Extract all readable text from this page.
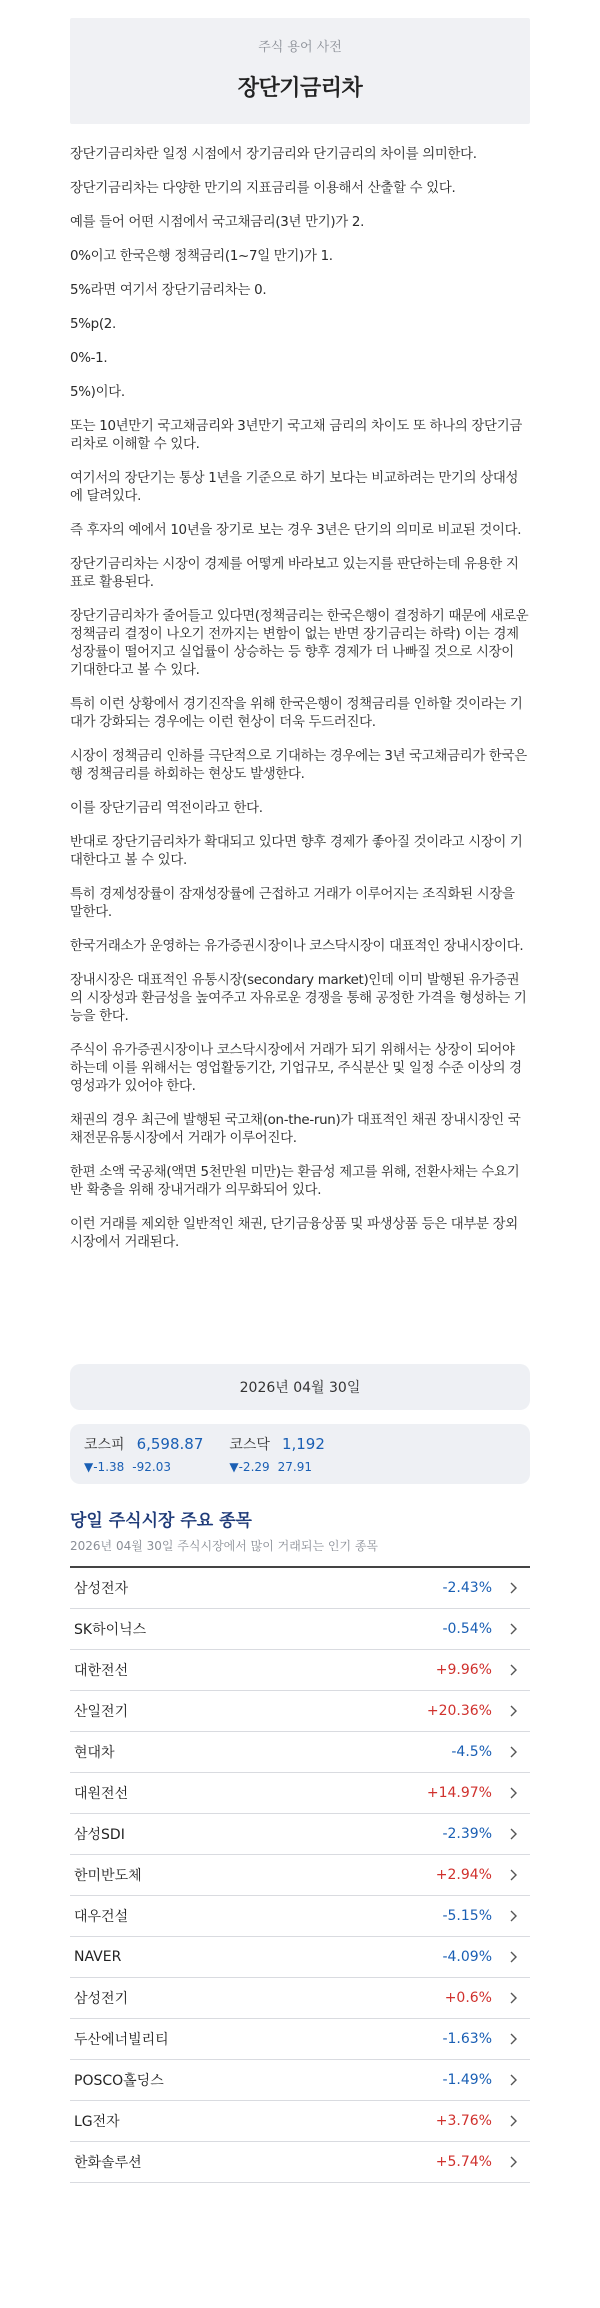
주식 용어 사전
장단기금리차

장단기금리차란 일정 시점에서 장기금리와 단기금리의 차이를 의미한다.

장단기금리차는 다양한 만기의 지표금리를 이용해서 산출할 수 있다.

예를 들어 어떤 시점에서 국고채금리(3년 만기)가 2.

0%이고 한국은행 정책금리(1~7일 만기)가 1.

5%라면 여기서 장단기금리차는 0.

5%p(2.

0%-1.

5%)이다.

또는 10년만기 국고채금리와 3년만기 국고채 금리의 차이도 또 하나의 장단기금리차로 이해할 수 있다.

여기서의 장단기는 통상 1년을 기준으로 하기 보다는 비교하려는 만기의 상대성에 달려있다.

즉 후자의 예에서 10년을 장기로 보는 경우 3년은 단기의 의미로 비교된 것이다.

장단기금리차는 시장이 경제를 어떻게 바라보고 있는지를 판단하는데 유용한 지표로 활용된다.

장단기금리차가 줄어들고 있다면(정책금리는 한국은행이 결정하기 때문에 새로운 정책금리 결정이 나오기 전까지는 변함이 없는 반면 장기금리는 하락) 이는 경제성장률이 떨어지고 실업률이 상승하는 등 향후 경제가 더 나빠질 것으로 시장이 기대한다고 볼 수 있다.

특히 이런 상황에서 경기진작을 위해 한국은행이 정책금리를 인하할 것이라는 기대가 강화되는 경우에는 이런 현상이 더욱 두드러진다.

시장이 정책금리 인하를 극단적으로 기대하는 경우에는 3년 국고채금리가 한국은행 정책금리를 하회하는 현상도 발생한다.

이를 장단기금리 역전이라고 한다.

반대로 장단기금리차가 확대되고 있다면 향후 경제가 좋아질 것이라고 시장이 기대한다고 볼 수 있다.

특히 경제성장률이 잠재성장률에 근접하고 거래가 이루어지는 조직화된 시장을 말한다.

한국거래소가 운영하는 유가증권시장이나 코스닥시장이 대표적인 장내시장이다.

장내시장은 대표적인 유통시장(secondary market)인데 이미 발행된 유가증권의 시장성과 환금성을 높여주고 자유로운 경쟁을 통해 공정한 가격을 형성하는 기능을 한다.

주식이 유가증권시장이나 코스닥시장에서 거래가 되기 위해서는 상장이 되어야 하는데 이를 위해서는 영업활동기간, 기업규모, 주식분산 및 일정 수준 이상의 경영성과가 있어야 한다.

채권의 경우 최근에 발행된 국고채(on-the-run)가 대표적인 채권 장내시장인 국채전문유통시장에서 거래가 이루어진다.

한편 소액 국공채(액면 5천만원 미만)는 환금성 제고를 위해, 전환사채는 수요기반 확충을 위해 장내거래가 의무화되어 있다.

이런 거래를 제외한 일반적인 채권, 단기금융상품 및 파생상품 등은 대부분 장외시장에서 거래된다.

2026년 04월 30일
코스피 6,598.87
▼-1.38 -92.03
코스닥 1,192
▼-2.29 27.91
당일 주식시장 주요 종목
2026년 04월 30일 주식시장에서 많이 거래되는 인기 종목
삼성전자	-2.43%
SK하이닉스	-0.54%
대한전선	+9.96%
산일전기	+20.36%
현대차	-4.5%
대원전선	+14.97%
삼성SDI	-2.39%
한미반도체	+2.94%
대우건설	-5.15%
NAVER	-4.09%
삼성전기	+0.6%
두산에너빌리티	-1.63%
POSCO홀딩스	-1.49%
LG전자	+3.76%
한화솔루션	+5.74%
